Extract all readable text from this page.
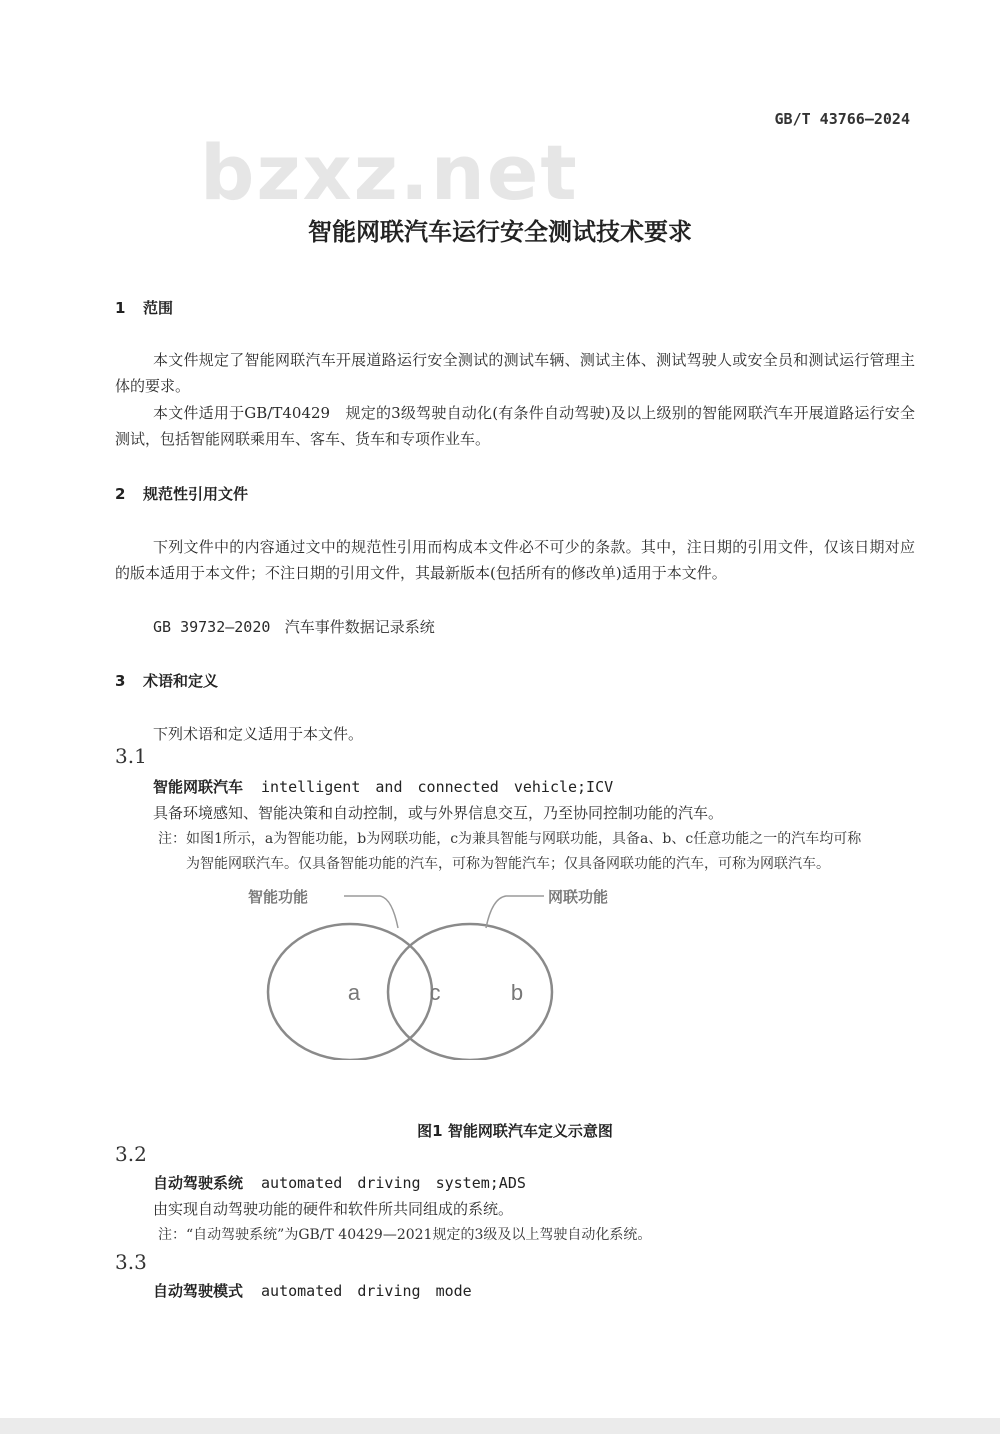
GB/T 43766—2024
bzxz.net
智能网联汽车运行安全测试技术要求
1 范围
本文件规定了智能网联汽车开展道路运行安全测试的测试车辆、测试主体、测试驾驶人或安全员和测试运行管理主体的要求。
本文件适用于GB/T40429　规定的3级驾驶自动化(有条件自动驾驶)及以上级别的智能网联汽车开展道路运行安全测试，包括智能网联乘用车、客车、货车和专项作业车。
2 规范性引用文件
下列文件中的内容通过文中的规范性引用而构成本文件必不可少的条款。其中，注日期的引用文件，仅该日期对应的版本适用于本文件；不注日期的引用文件，其最新版本(包括所有的修改单)适用于本文件。
GB 39732—2020 汽车事件数据记录系统
3 术语和定义
下列术语和定义适用于本文件。
3.1
智能网联汽车 intelligent and connected vehicle;ICV
具备环境感知、智能决策和自动控制，或与外界信息交互，乃至协同控制功能的汽车。
注：如图1所示，a为智能功能，b为网联功能，c为兼具智能与网联功能，具备a、b、c任意功能之一的汽车均可称
为智能网联汽车。仅具备智能功能的汽车，可称为智能汽车；仅具备网联功能的汽车，可称为网联汽车。
智能功能	网联功能
a	c	b
图1 智能网联汽车定义示意图
3.2
自动驾驶系统 automated driving system;ADS
由实现自动驾驶功能的硬件和软件所共同组成的系统。
注：“自动驾驶系统”为GB/T 40429—2021规定的3级及以上驾驶自动化系统。
3.3
自动驾驶模式 automated driving mode
